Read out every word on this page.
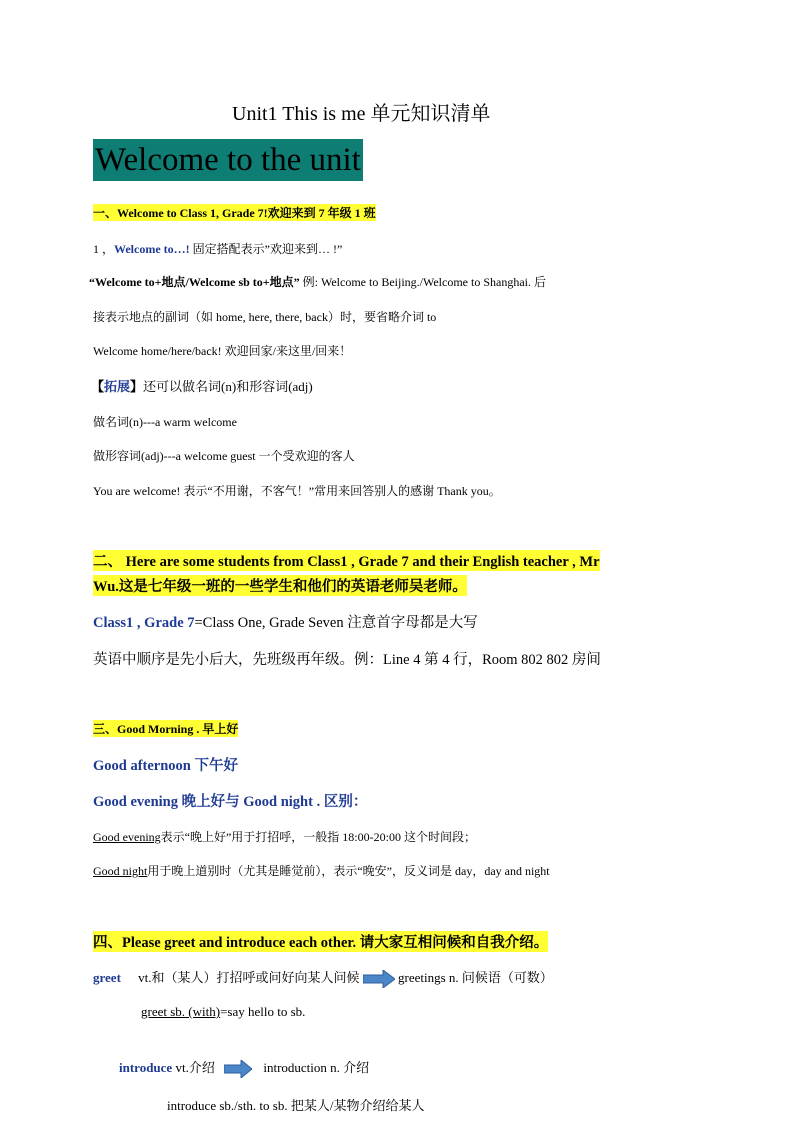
Unit1 This is me 单元知识清单
Welcome to the unit
一、Welcome to Class 1, Grade 7!欢迎来到 7 年级 1 班
1 ，Welcome to…! 固定搭配表示”欢迎来到… !”
“Welcome to+地点/Welcome sb to+地点” 例: Welcome to Beijing./Welcome to Shanghai. 后
接表示地点的副词（如 home, here, there, back）时，要省略介词 to
Welcome home/here/back! 欢迎回家/来这里/回来！
【拓展】还可以做名词(n)和形容词(adj)
做名词(n)---a warm welcome
做形容词(adj)---a welcome guest 一个受欢迎的客人
You are welcome! 表示“不用谢，不客气！”常用来回答别人的感谢 Thank you。
二、 Here are some students from Class1 , Grade 7 and their English teacher , Mr
Wu.这是七年级一班的一些学生和他们的英语老师吴老师。
Class1 , Grade 7=Class One, Grade Seven 注意首字母都是大写
英语中顺序是先小后大，先班级再年级。例：Line 4 第 4 行，Room 802 802 房间
三、Good Morning . 早上好
Good afternoon 下午好
Good evening 晚上好与 Good night . 区别：
Good evening表示“晚上好”用于打招呼，一般指 18:00-20:00 这个时间段；
Good night用于晚上道别时（尤其是睡觉前），表示“晚安”，反义词是 day，day and night
四、Please greet and introduce each other. 请大家互相问候和自我介绍。
greet vt.和（某人）打招呼或问好向某人问候	greetings n. 问候语（可数）
greet sb. (with)=say hello to sb.
introduce vt.介绍	introduction n. 介绍
introduce sb./sth. to sb. 把某人/某物介绍给某人
